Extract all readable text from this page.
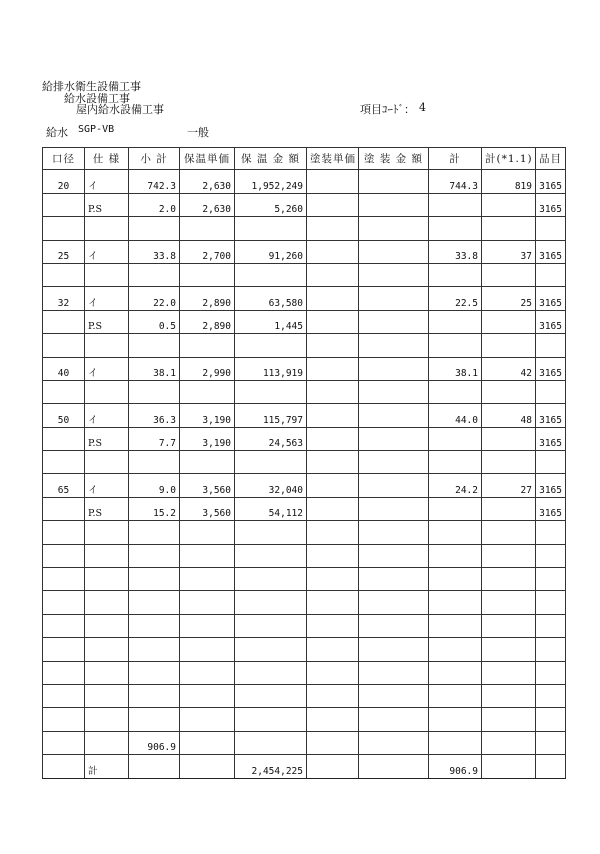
給排水衛生設備工事
給水設備工事
屋内給水設備工事	項目ｺｰﾄﾞ： 4
給水 SGP-VB	一般
口径	仕 様	小 計	保温単価	保 温 金 額	塗装単価	塗 装 金 額	計	計(*1.1)	品目
20	イ	742.3	2,630	1,952,249			744.3	819	3165
	P.S	2.0	2,630	5,260					3165

25	イ	33.8	2,700	91,260			33.8	37	3165

32	イ	22.0	2,890	63,580			22.5	25	3165
	P.S	0.5	2,890	1,445					3165

40	イ	38.1	2,990	113,919			38.1	42	3165

50	イ	36.3	3,190	115,797			44.0	48	3165
	P.S	7.7	3,190	24,563					3165

65	イ	9.0	3,560	32,040			24.2	27	3165
	P.S	15.2	3,560	54,112					3165

		906.9							
	計			2,454,225			906.9		
